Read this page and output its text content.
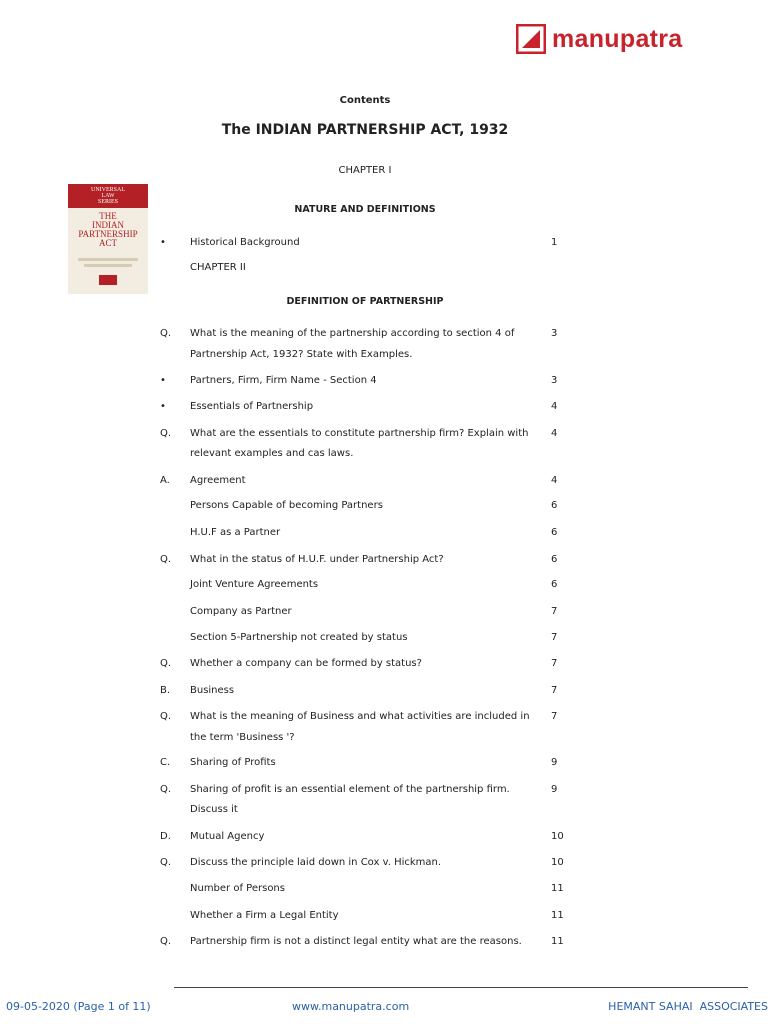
manupatra
Contents
The INDIAN PARTNERSHIP ACT, 1932
CHAPTER I
NATURE AND DEFINITIONS
UNIVERSAL
LAW
SERIES
THE
INDIAN
PARTNERSHIP
ACT
DEFINITION OF PARTNERSHIP
• Historical Background	1
CHAPTER II
Q. What is the meaning of the partnership according to section 4 of	3
Partnership Act, 1932? State with Examples.
• Partners, Firm, Firm Name - Section 4	3
• Essentials of Partnership	4
Q. What are the essentials to constitute partnership firm? Explain with	4
relevant examples and cas laws.
A. Agreement	4
Persons Capable of becoming Partners	6
H.U.F as a Partner	6
Q. What in the status of H.U.F. under Partnership Act?	6
Joint Venture Agreements	6
Company as Partner	7
Section 5-Partnership not created by status	7
Q. Whether a company can be formed by status?	7
B. Business	7
Q. What is the meaning of Business and what activities are included in	7
the term 'Business '?
C. Sharing of Profits	9
Q. Sharing of profit is an essential element of the partnership firm.	9
Discuss it
D. Mutual Agency	10
Q. Discuss the principle laid down in Cox v. Hickman.	10
Number of Persons	11
Whether a Firm a Legal Entity	11
Q. Partnership firm is not a distinct legal entity what are the reasons.	11
09-05-2020 (Page 1 of 11)	www.manupatra.com	HEMANT SAHAI  ASSOCIATES
